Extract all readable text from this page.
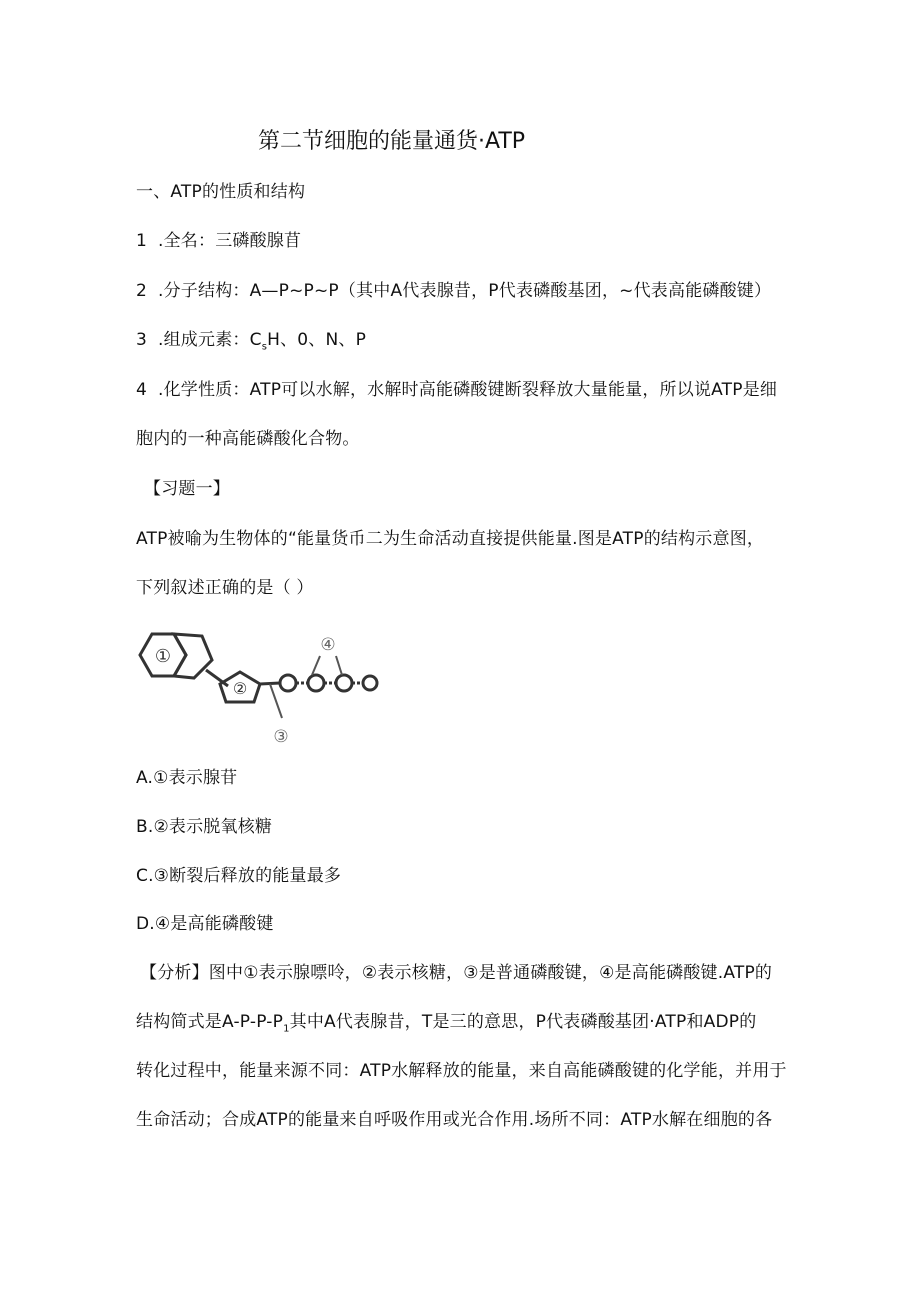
第二节细胞的能量通货·ATP
一、ATP的性质和结构
1 .全名：三磷酸腺苜
2 .分子结构：A—P~P~P（其中A代表腺昔，P代表磷酸基团，~代表高能磷酸键）
3 .组成元素：$C_sH$、0、N、P
4 .化学性质：ATP可以水解，水解时高能磷酸键断裂释放大量能量，所以说ATP是细
胞内的一种高能磷酸化合物。
【习题一】
ATP被喻为生物体的“能量货币二为生命活动直接提供能量.图是ATP的结构示意图，
下列叙述正确的是（ ）
①
②
③
④
A.①表示腺苷
B.②表示脱氧核糖
C.③断裂后释放的能量最多
D.④是高能磷酸键
【分析】图中①表示腺嘌呤，②表示核糖，③是普通磷酸键，④是高能磷酸键.ATP的
结构简式是$A-P-P-P_1$其中A代表腺昔，T是三的意思，P代表磷酸基团·ATP和ADP的
转化过程中，能量来源不同：ATP水解释放的能量，来自高能磷酸键的化学能，并用于
生命活动；合成ATP的能量来自呼吸作用或光合作用.场所不同：ATP水解在细胞的各
